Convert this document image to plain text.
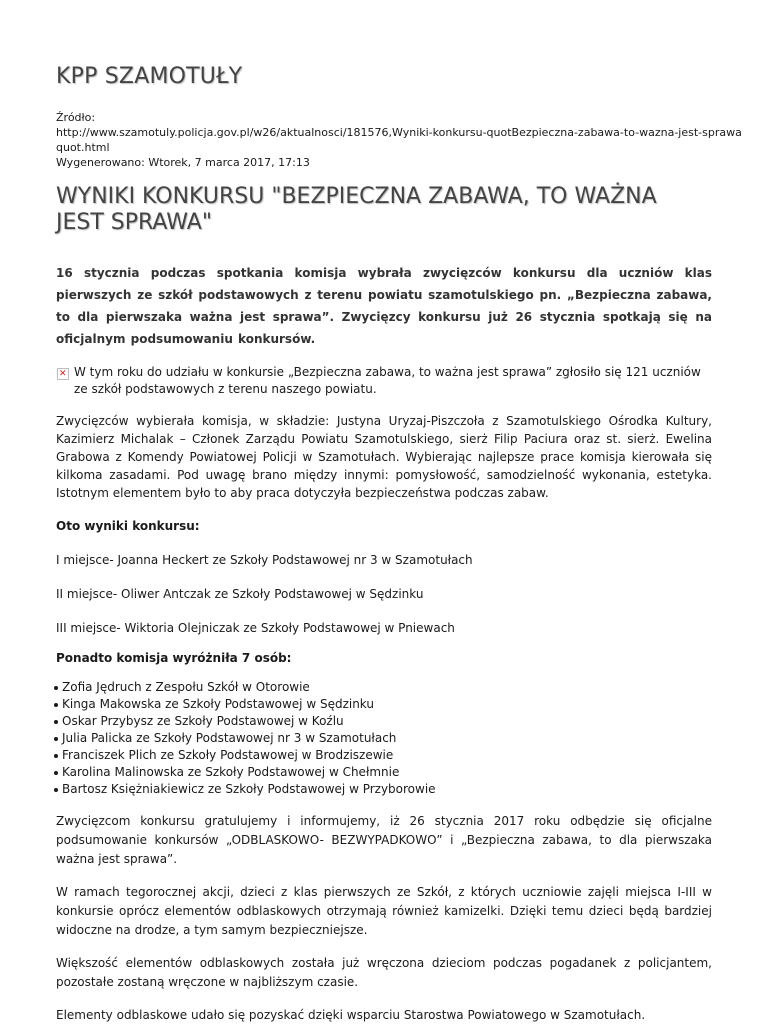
KPP SZAMOTUŁY
Źródło:
http://www.szamotuly.policja.gov.pl/w26/aktualnosci/181576,Wyniki-konkursu-quotBezpieczna-zabawa-to-wazna-jest-sprawa
quot.html
Wygenerowano: Wtorek, 7 marca 2017, 17:13
WYNIKI KONKURSU "BEZPIECZNA ZABAWA, TO WAŻNA JEST SPRAWA"
16 stycznia podczas spotkania komisja wybrała zwycięzców konkursu dla uczniów klas pierwszych ze szkół podstawowych z terenu powiatu szamotulskiego pn. „Bezpieczna zabawa, to dla pierwszaka ważna jest sprawa”. Zwycięzcy konkursu już 26 stycznia spotkają się na oficjalnym podsumowaniu konkursów.
✕
W tym roku do udziału w konkursie „Bezpieczna zabawa, to ważna jest sprawa” zgłosiło się 121 uczniów ze szkół podstawowych z terenu naszego powiatu.
Zwycięzców wybierała komisja, w składzie: Justyna Uryzaj-Piszczoła z Szamotulskiego Ośrodka Kultury, Kazimierz Michalak – Członek Zarządu Powiatu Szamotulskiego, sierż Filip Paciura oraz st. sierż. Ewelina Grabowa z Komendy Powiatowej Policji w Szamotułach. Wybierając najlepsze prace komisja kierowała się kilkoma zasadami. Pod uwagę brano między innymi: pomysłowość, samodzielność wykonania, estetyka. Istotnym elementem było to aby praca dotyczyła bezpieczeństwa podczas zabaw.
Oto wyniki konkursu:
I miejsce- Joanna Heckert ze Szkoły Podstawowej nr 3 w Szamotułach
II miejsce- Oliwer Antczak ze Szkoły Podstawowej w Sędzinku
III miejsce- Wiktoria Olejniczak ze Szkoły Podstawowej w Pniewach
Ponadto komisja wyróżniła 7 osób:
Zofia Jędruch z Zespołu Szkół w Otorowie
Kinga Makowska ze Szkoły Podstawowej w Sędzinku
Oskar Przybysz ze Szkoły Podstawowej w Koźlu
Julia Palicka ze Szkoły Podstawowej nr 3 w Szamotułach
Franciszek Plich ze Szkoły Podstawowej w Brodziszewie
Karolina Malinowska ze Szkoły Podstawowej w Chełmnie
Bartosz Księżniakiewicz ze Szkoły Podstawowej w Przyborowie
Zwycięzcom konkursu gratulujemy i informujemy, iż 26 stycznia 2017 roku odbędzie się oficjalne podsumowanie konkursów „ODBLASKOWO- BEZWYPADKOWO” i „Bezpieczna zabawa, to dla pierwszaka ważna jest sprawa”.
W ramach tegorocznej akcji, dzieci z klas pierwszych ze Szkół, z których uczniowie zajęli miejsca I-III w konkursie oprócz elementów odblaskowych otrzymają również kamizelki. Dzięki temu dzieci będą bardziej widoczne na drodze, a tym samym bezpieczniejsze.
Większość elementów odblaskowych została już wręczona dzieciom podczas pogadanek z policjantem, pozostałe zostaną wręczone w najbliższym czasie.
Elementy odblaskowe udało się pozyskać dzięki wsparciu Starostwa Powiatowego w Szamotułach.
